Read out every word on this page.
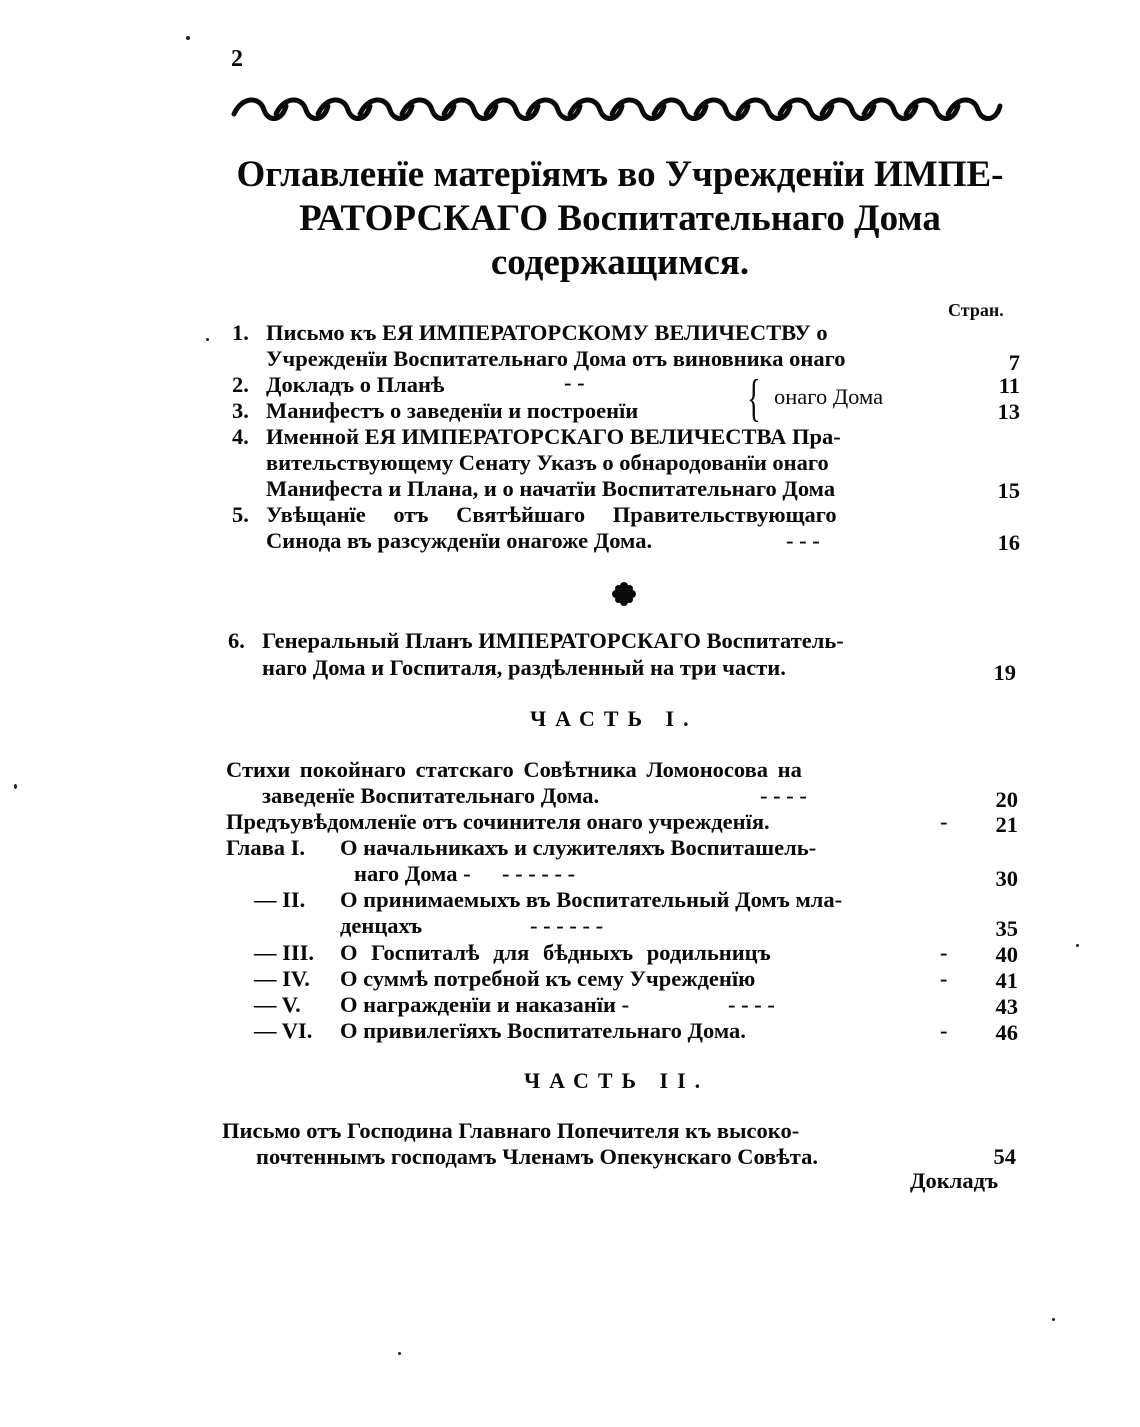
2
Оглавленїе матерїямъ во Учрежденїи ИМПЕ-
РАТОРСКАГО Воспитательнаго Дома
содержащимся.
Стран.
1. Письмо къ ЕЯ ИМПЕРАТОРСКОМУ ВЕЛИЧЕСТВУ о
Учрежденїи Воспитательнаго Дома отъ виновника онаго	7
2. Докладъ о Планѣ	- -	11
3. Манифестъ о заведенїи и построенїи	13
{ онаго Дома
4. Именной ЕЯ ИМПЕРАТОРСКАГО ВЕЛИЧЕСТВА Пра-
вительствующему Сенату Указъ о обнародованїи онаго
Манифеста и Плана, и о начатїи Воспитательнаго Дома	15
5. Увѣщанїе отъ Святѣйшаго Правительствующаго
Синода въ разсужденїи онагоже Дома.	- - -	16
6. Генеральный Планъ ИМПЕРАТОРСКАГО Воспитатель-
наго Дома и Госпиталя, раздѣленный на три части.	19
ЧАСТЬ I.
Стихи покойнаго статскаго Совѣтника Ломоносова на
заведенїе Воспитательнаго Дома.	- - - -	20
Предъувѣдомленїе отъ сочинителя онаго учрежденїя.	-	21
Глава I. О начальникахъ и служителяхъ Воспиташель-
наго Дома - - - - - - -	30
— II. О принимаемыхъ въ Воспитательный Домъ мла-
денцахъ	- - - - - -	35
— III. О Госпиталѣ для бѣдныхъ родильницъ	-	40
— IV. О суммѣ потребной къ сему Учрежденїю	-	41
— V. О награжденїи и наказанїи -	- - - -	43
— VI. О привилегїяхъ Воспитательнаго Дома.	-	46
ЧАСТЬ II.
Письмо отъ Господина Главнаго Попечителя къ высоко-
почтеннымъ господамъ Членамъ Опекунскаго Совѣта.	54
Докладъ
